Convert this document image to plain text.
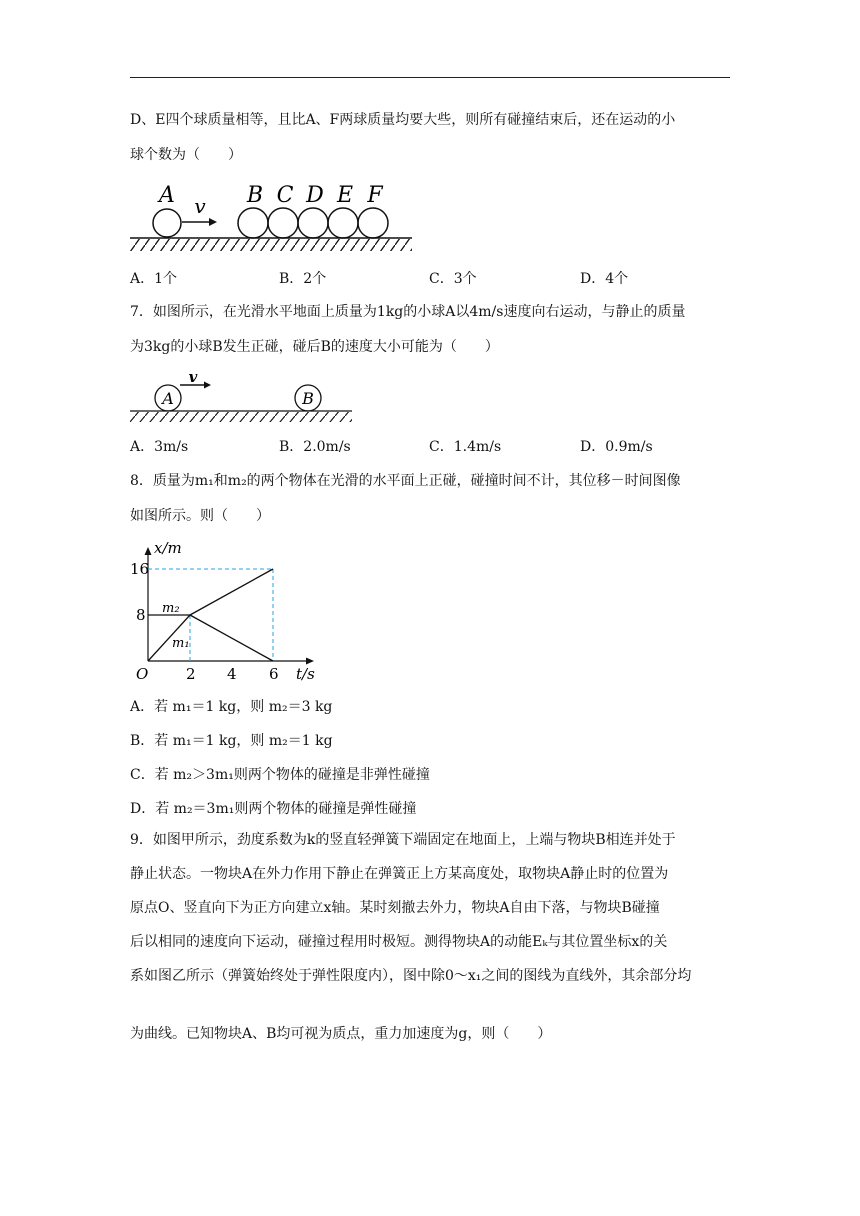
D、E四个球质量相等，且比A、F两球质量均要大些，则所有碰撞结束后，还在运动的小
球个数为（　　）
A v B C D E F
A．1个	B．2个	C．3个	D．4个
7．如图所示，在光滑水平地面上质量为1kg的小球A以4m/s速度向右运动，与静止的质量
为3kg的小球B发生正碰，碰后B的速度大小可能为（　　）
A	B
v
A．3m/s	B．2.0m/s	C．1.4m/s	D．0.9m/s
8．质量为m₁和m₂的两个物体在光滑的水平面上正碰，碰撞时间不计，其位移－时间图像
如图所示。则（　　）
x/m
t/s
O
16
8
2 4 6
m₂
m₁
A．若 m₁＝1 kg，则 m₂＝3 kg
B．若 m₁＝1 kg，则 m₂＝1 kg
C．若 m₂＞3m₁则两个物体的碰撞是非弹性碰撞
D．若 m₂＝3m₁则两个物体的碰撞是弹性碰撞
9．如图甲所示，劲度系数为k的竖直轻弹簧下端固定在地面上，上端与物块B相连并处于
静止状态。一物块A在外力作用下静止在弹簧正上方某高度处，取物块A静止时的位置为
原点O、竖直向下为正方向建立x轴。某时刻撤去外力，物块A自由下落，与物块B碰撞
后以相同的速度向下运动，碰撞过程用时极短。测得物块A的动能Eₖ与其位置坐标x的关
系如图乙所示（弹簧始终处于弹性限度内），图中除0～x₁之间的图线为直线外，其余部分均
为曲线。已知物块A、B均可视为质点，重力加速度为g，则（　　）
